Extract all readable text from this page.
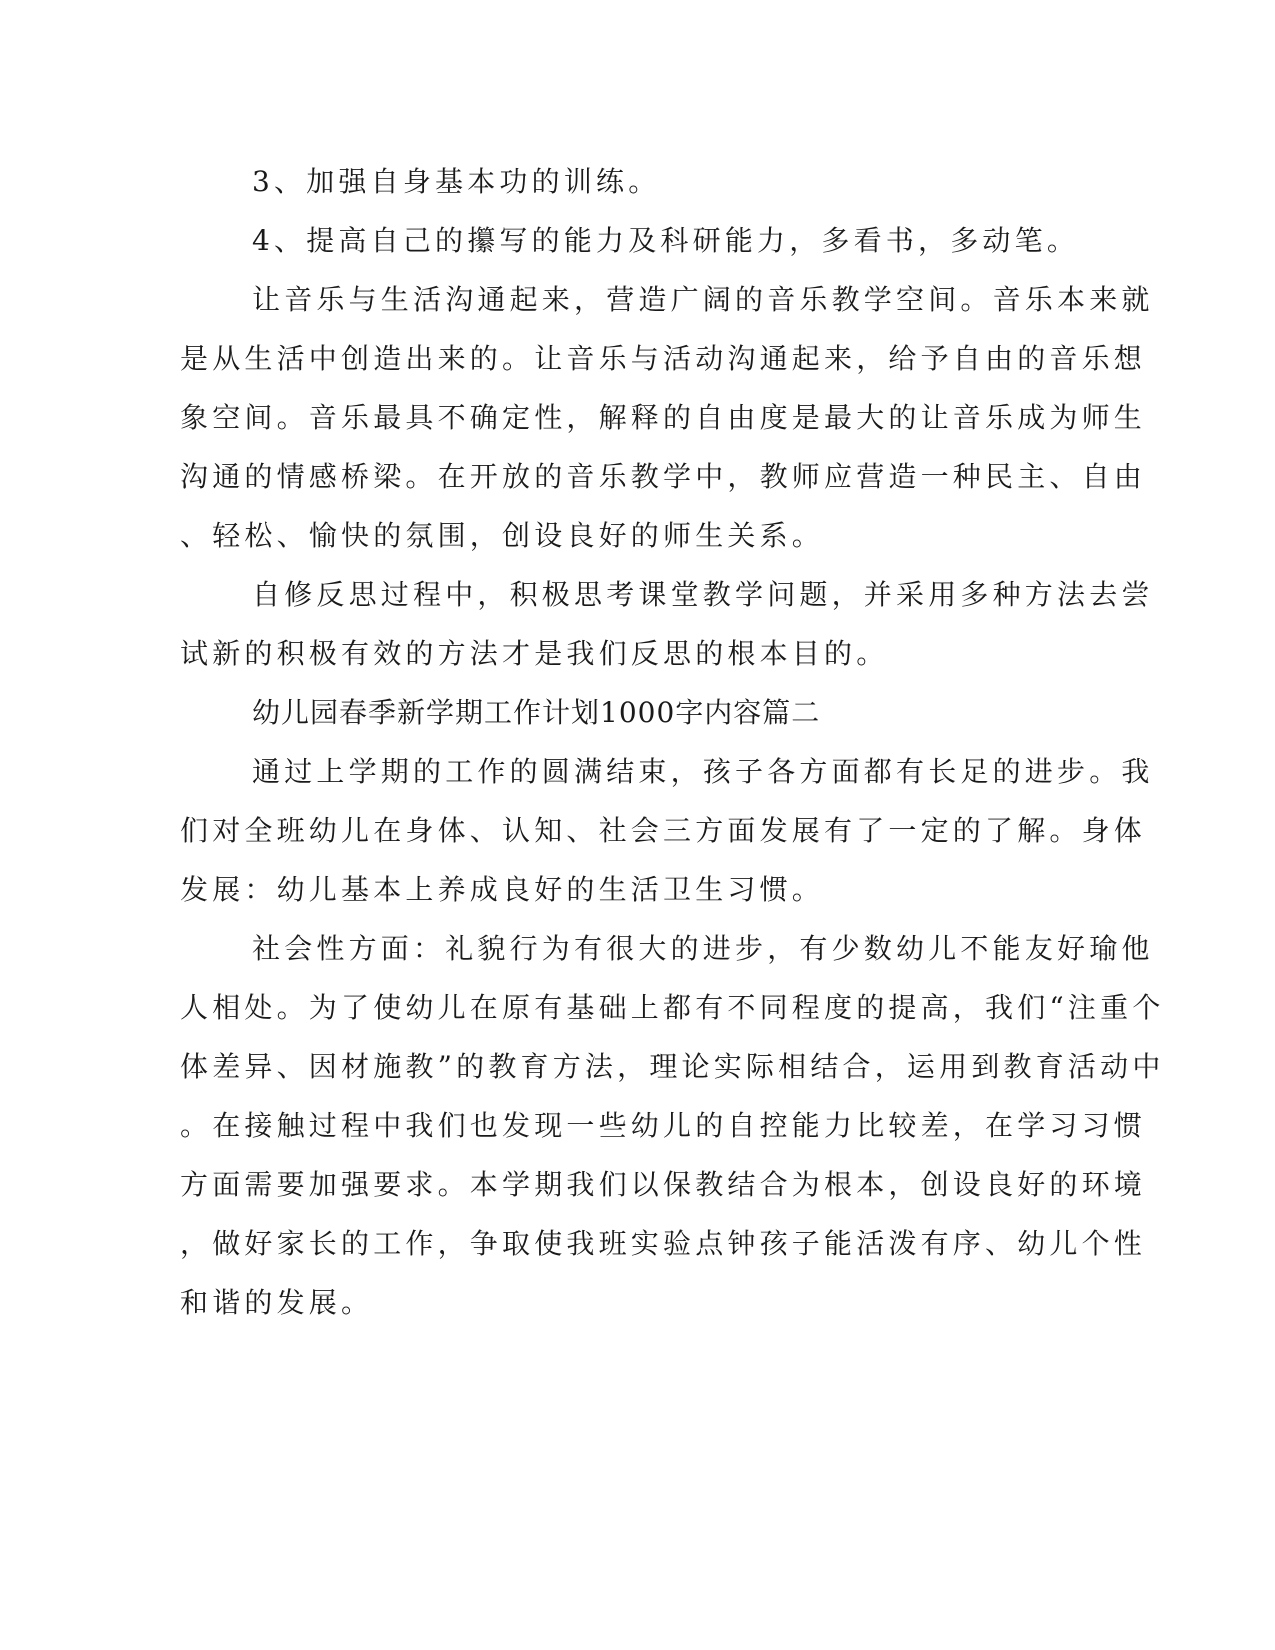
3、加强自身基本功的训练。
4、提高自己的攥写的能力及科研能力，多看书，多动笔。
让音乐与生活沟通起来，营造广阔的音乐教学空间。音乐本来就
是从生活中创造出来的。让音乐与活动沟通起来，给予自由的音乐想
象空间。音乐最具不确定性，解释的自由度是最大的让音乐成为师生
沟通的情感桥梁。在开放的音乐教学中，教师应营造一种民主、自由
、轻松、愉快的氛围，创设良好的师生关系。
自修反思过程中，积极思考课堂教学问题，并采用多种方法去尝
试新的积极有效的方法才是我们反思的根本目的。
幼儿园春季新学期工作计划1000字内容篇二
通过上学期的工作的圆满结束，孩子各方面都有长足的进步。我
们对全班幼儿在身体、认知、社会三方面发展有了一定的了解。身体
发展：幼儿基本上养成良好的生活卫生习惯。
社会性方面：礼貌行为有很大的进步，有少数幼儿不能友好瑜他
人相处。为了使幼儿在原有基础上都有不同程度的提高，我们“注重个
体差异、因材施教”的教育方法，理论实际相结合，运用到教育活动中
。在接触过程中我们也发现一些幼儿的自控能力比较差，在学习习惯
方面需要加强要求。本学期我们以保教结合为根本，创设良好的环境
，做好家长的工作，争取使我班实验点钟孩子能活泼有序、幼儿个性
和谐的发展。
